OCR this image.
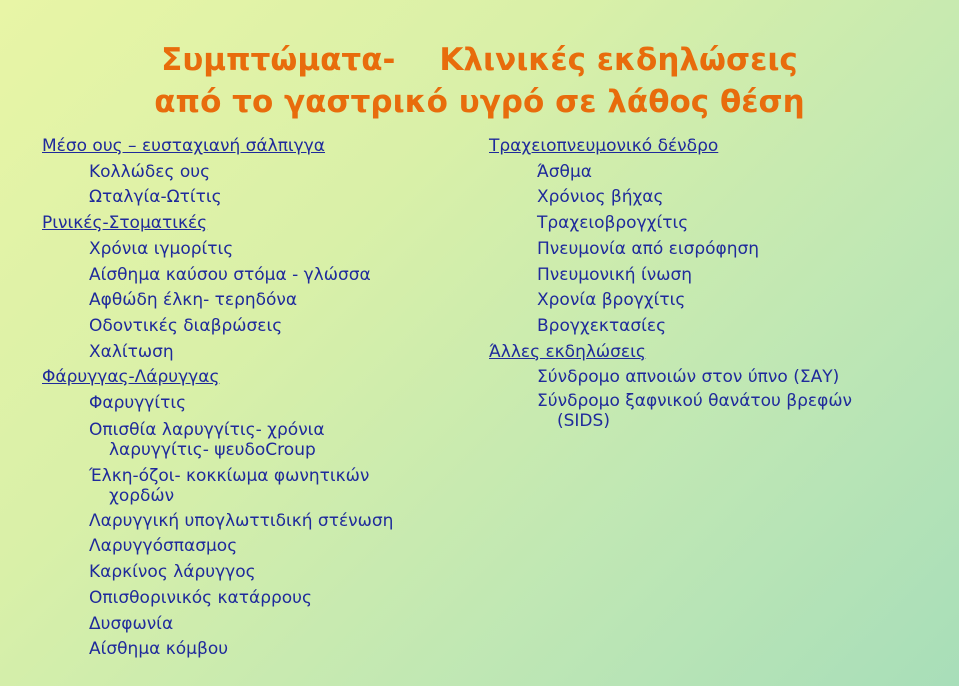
Συμπτώματα- Κλινικές εκδηλώσεις
από το γαστρικό υγρό σε λάθος θέση
Μέσο ους – ευσταχιανή σάλπιγγα
Κολλώδες ους
Ωταλγία-Ωτίτις
Ρινικές-Στοματικές
Χρόνια ιγμορίτις
Αίσθημα καύσου στόμα - γλώσσα
Αφθώδη έλκη- τερηδόνα
Οδοντικές διαβρώσεις
Χαλίτωση
Φάρυγγας-Λάρυγγας
Φαρυγγίτις
Οπισθία λαρυγγίτις- χρόνια
λαρυγγίτις- ψευδοCroup
Έλκη-όζοι- κοκκίωμα φωνητικών
χορδών
Λαρυγγική υπογλωττιδική στένωση
Λαρυγγόσπασμος
Καρκίνος λάρυγγος
Οπισθορινικός κατάρρους
Δυσφωνία
Αίσθημα κόμβου
Τραχειοπνευμονικό δένδρο
Άσθμα
Χρόνιος βήχας
Τραχειοβρογχίτις
Πνευμονία από εισρόφηση
Πνευμονική ίνωση
Χρονία βρογχίτις
Βρογχεκτασίες
Άλλες εκδηλώσεις
Σύνδρομο απνοιών στον ύπνο (ΣΑΥ)
Σύνδρομο ξαφνικού θανάτου βρεφών
(SIDS)
